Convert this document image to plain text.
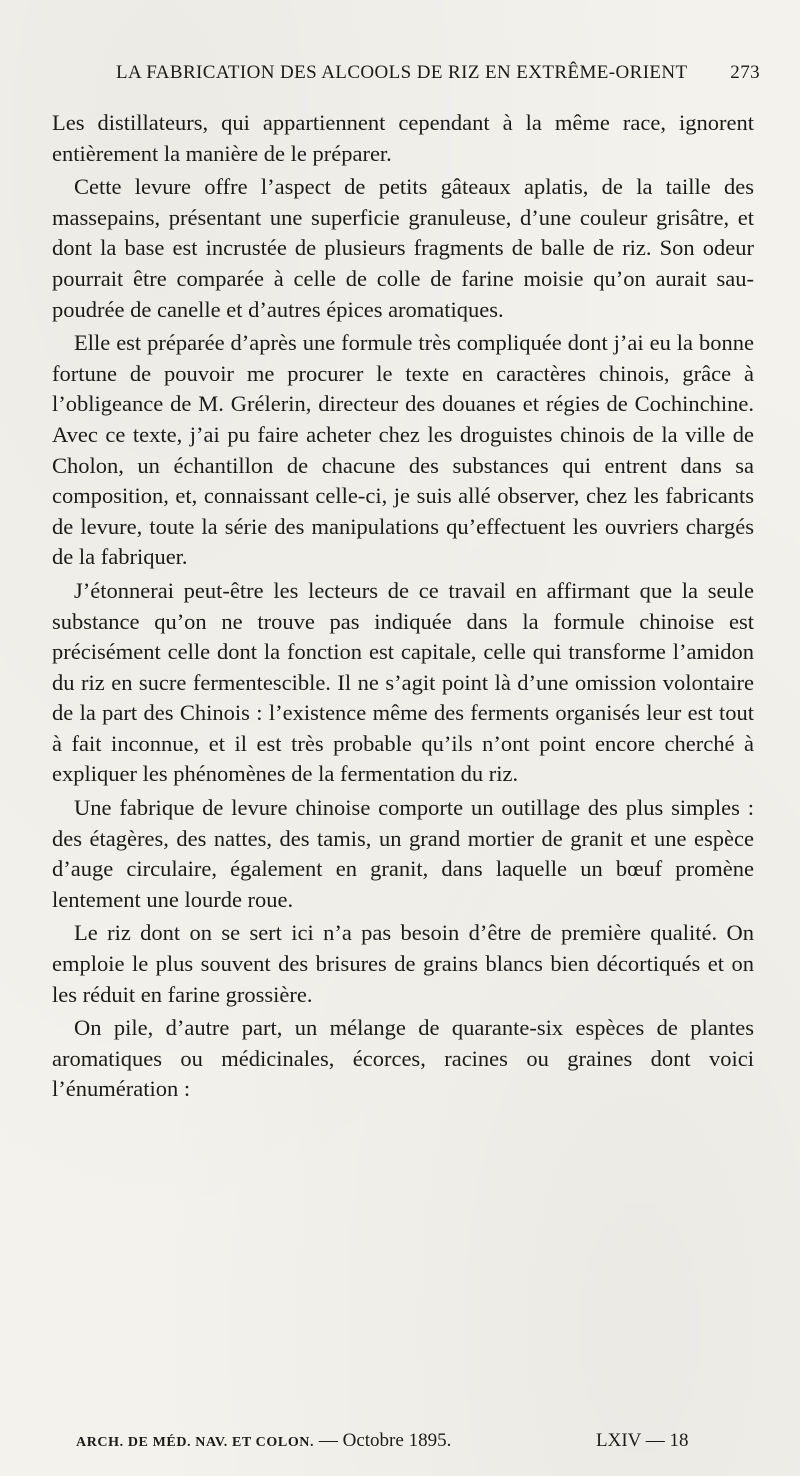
LA FABRICATION DES ALCOOLS DE RIZ EN EXTRÊME-ORIENT 273

Les distillateurs, qui appartiennent cependant à la même race, ignorent entièrement la manière de le préparer.

Cette levure offre l’aspect de petits gâteaux aplatis, de la taille des massepains, présentant une superficie granuleuse, d’une couleur grisâtre, et dont la base est incrustée de plusieurs fragments de balle de riz. Son odeur pourrait être comparée à celle de colle de farine moisie qu’on aurait saupoudrée de canelle et d’autres épices aromatiques.

Elle est préparée d’après une formule très compliquée dont j’ai eu la bonne fortune de pouvoir me procurer le texte en caractères chinois, grâce à l’obligeance de M. Grélerin, directeur des douanes et régies de Cochinchine. Avec ce texte, j’ai pu faire acheter chez les droguistes chinois de la ville de Cholon, un échantillon de chacune des substances qui entrent dans sa composition, et, connaissant celle-ci, je suis allé observer, chez les fabricants de levure, toute la série des manipulations qu’effectuent les ouvriers chargés de la fabriquer.

J’étonnerai peut-être les lecteurs de ce travail en affirmant que la seule substance qu’on ne trouve pas indiquée dans la formule chinoise est précisément celle dont la fonction est capitale, celle qui transforme l’amidon du riz en sucre fermentescible. Il ne s’agit point là d’une omission volontaire de la part des Chinois : l’existence même des ferments organisés leur est tout à fait inconnue, et il est très probable qu’ils n’ont point encore cherché à expliquer les phénomènes de la fermentation du riz.

Une fabrique de levure chinoise comporte un outillage des plus simples : des étagères, des nattes, des tamis, un grand mortier de granit et une espèce d’auge circulaire, également en granit, dans laquelle un bœuf promène lentement une lourde roue.

Le riz dont on se sert ici n’a pas besoin d’être de première qualité. On emploie le plus souvent des brisures de grains blancs bien décortiqués et on les réduit en farine grossière.

On pile, d’autre part, un mélange de quarante-six espèces de plantes aromatiques ou médicinales, écorces, racines ou graines dont voici l’énumération :

ARCH. DE MÉD. NAV. ET COLON. — Octobre 1895.	LXIV — 18
